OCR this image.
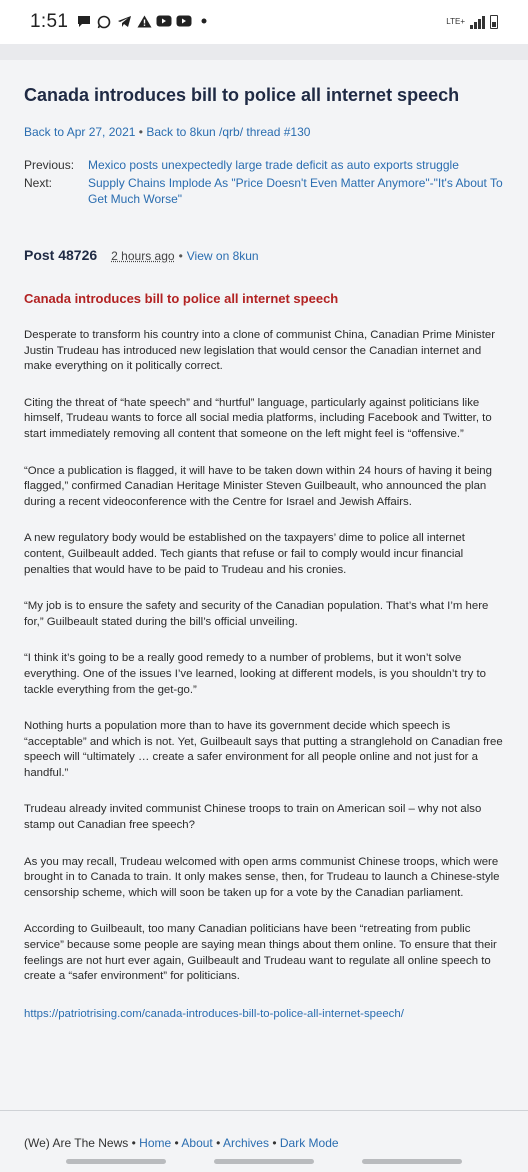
1:51	LTE+
Canada introduces bill to police all internet speech
Back to Apr 27, 2021 • Back to 8kun /qrb/ thread #130
Previous:	Mexico posts unexpectedly large trade deficit as auto exports struggle
Next:	Supply Chains Implode As "Price Doesn't Even Matter Anymore"-"It's About To Get Much Worse"
Post 48726 2 hours ago • View on 8kun
Canada introduces bill to police all internet speech

Desperate to transform his country into a clone of communist China, Canadian Prime Minister Justin Trudeau has introduced new legislation that would censor the Canadian internet and make everything on it politically correct.

Citing the threat of “hate speech” and “hurtful” language, particularly against politicians like himself, Trudeau wants to force all social media platforms, including Facebook and Twitter, to start immediately removing all content that someone on the left might feel is “offensive.”

“Once a publication is flagged, it will have to be taken down within 24 hours of having it being flagged,” confirmed Canadian Heritage Minister Steven Guilbeault, who announced the plan during a recent videoconference with the Centre for Israel and Jewish Affairs.

A new regulatory body would be established on the taxpayers’ dime to police all internet content, Guilbeault added. Tech giants that refuse or fail to comply would incur financial penalties that would have to be paid to Trudeau and his cronies.

“My job is to ensure the safety and security of the Canadian population. That’s what I’m here for,” Guilbeault stated during the bill’s official unveiling.

“I think it’s going to be a really good remedy to a number of problems, but it won’t solve everything. One of the issues I’ve learned, looking at different models, is you shouldn’t try to tackle everything from the get-go.”

Nothing hurts a population more than to have its government decide which speech is “acceptable” and which is not. Yet, Guilbeault says that putting a stranglehold on Canadian free speech will “ultimately … create a safer environment for all people online and not just for a handful.”

Trudeau already invited communist Chinese troops to train on American soil – why not also stamp out Canadian free speech?

As you may recall, Trudeau welcomed with open arms communist Chinese troops, which were brought in to Canada to train. It only makes sense, then, for Trudeau to launch a Chinese-style censorship scheme, which will soon be taken up for a vote by the Canadian parliament.

According to Guilbeault, too many Canadian politicians have been “retreating from public service” because some people are saying mean things about them online. To ensure that their feelings are not hurt ever again, Guilbeault and Trudeau want to regulate all online speech to create a “safer environment” for politicians.

https://patriotrising.com/canada-introduces-bill-to-police-all-internet-speech/

(We) Are The News • Home • About • Archives • Dark Mode
